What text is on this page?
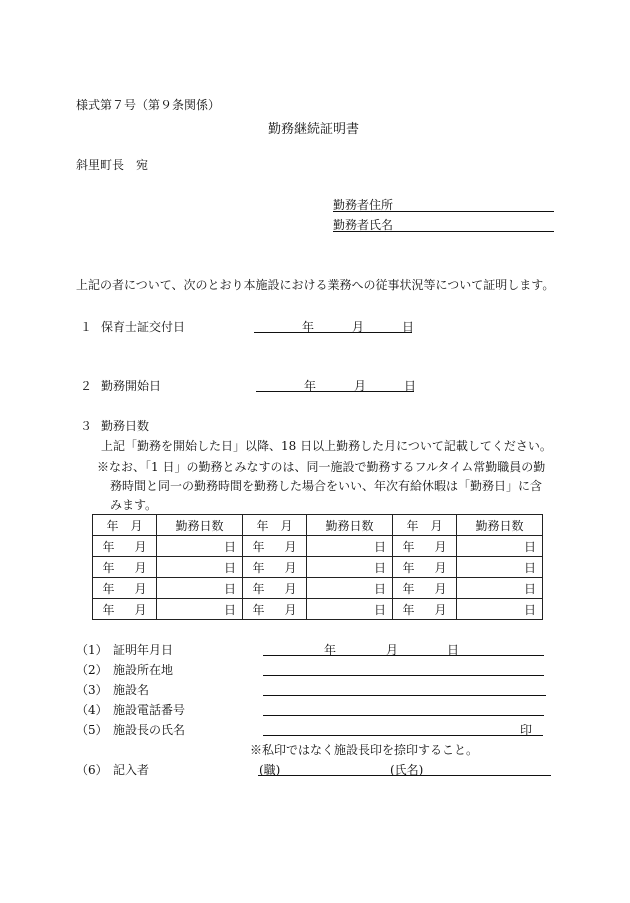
様式第７号（第９条関係）
勤務継続証明書
斜里町長　宛
勤務者住所
勤務者氏名
上記の者について、次のとおり本施設における業務への従事状況等について証明します。
１ 保育士証交付日	年	月	日
２ 勤務開始日	年	月	日
３ 勤務日数
上記「勤務を開始した日」以降、18 日以上勤務した月について記載してください。
※なお、「1 日」の勤務とみなすのは、同一施設で勤務するフルタイム常勤職員の勤
務時間と同一の勤務時間を勤務した場合をいい、年次有給休暇は「勤務日」に含
みます。
年　月	勤務日数	年　月	勤務日数	年　月	勤務日数
年 月	日	年 月	日	年 月	日
年 月	日	年 月	日	年 月	日
年 月	日	年 月	日	年 月	日
年 月	日	年 月	日	年 月	日
（1） 証明年月日	年	月	日
（2） 施設所在地
（3） 施設名
（4） 施設電話番号
（5） 施設長の氏名	印
※私印ではなく施設長印を捺印すること。
（6） 記入者	(職)	(氏名)
